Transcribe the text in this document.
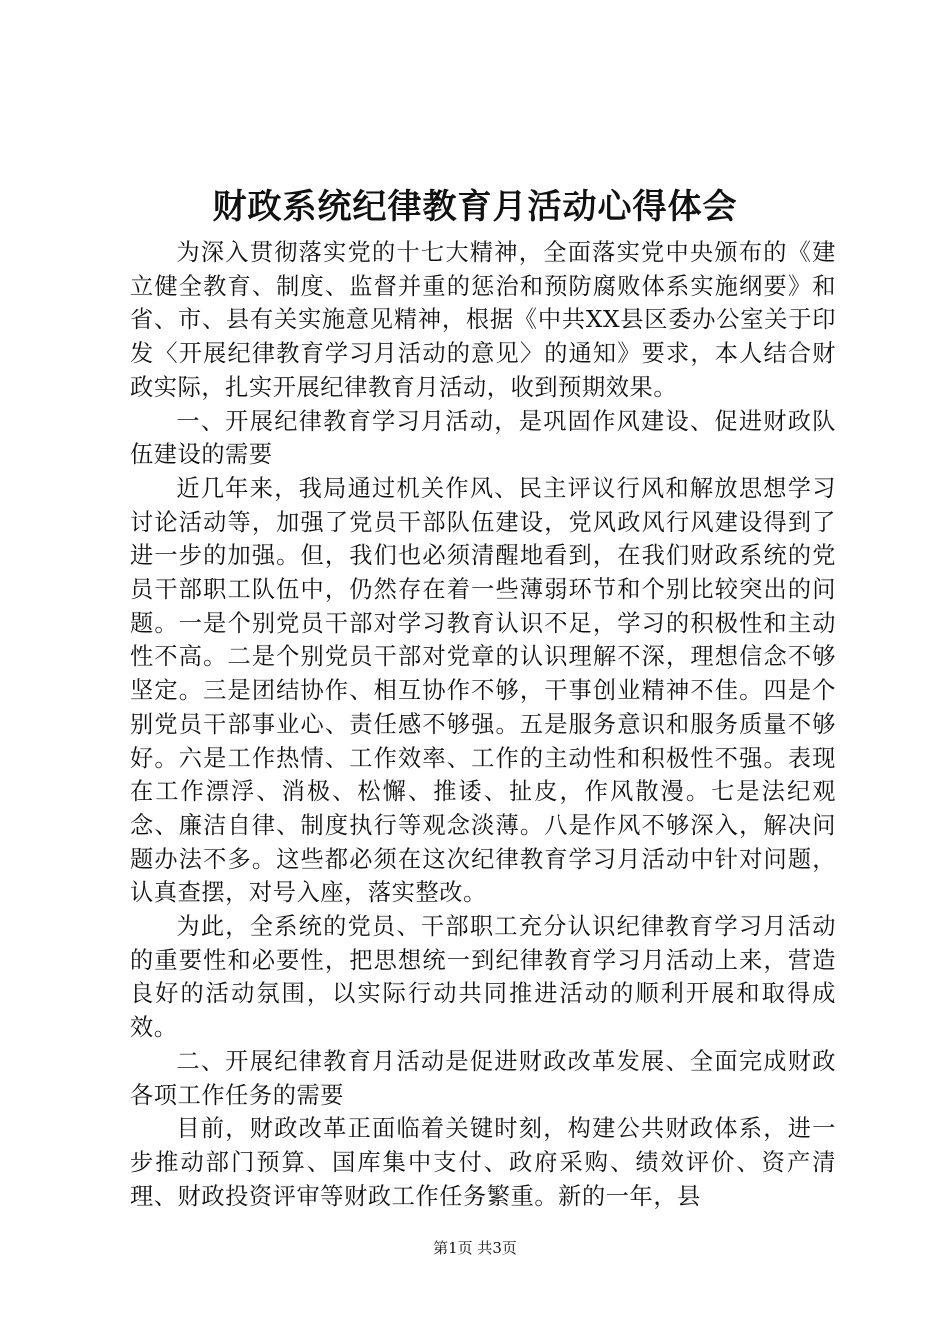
财政系统纪律教育月活动心得体会

为深入贯彻落实党的十七大精神，全面落实党中央颁布的《建立健全教育、制度、监督并重的惩治和预防腐败体系实施纲要》和省、市、县有关实施意见精神，根据《中共XX县区委办公室关于印发〈开展纪律教育学习月活动的意见〉的通知》要求，本人结合财政实际，扎实开展纪律教育月活动，收到预期效果。

一、开展纪律教育学习月活动，是巩固作风建设、促进财政队伍建设的需要

近几年来，我局通过机关作风、民主评议行风和解放思想学习讨论活动等，加强了党员干部队伍建设，党风政风行风建设得到了进一步的加强。但，我们也必须清醒地看到，在我们财政系统的党员干部职工队伍中，仍然存在着一些薄弱环节和个别比较突出的问题。一是个别党员干部对学习教育认识不足，学习的积极性和主动性不高。二是个别党员干部对党章的认识理解不深，理想信念不够坚定。三是团结协作、相互协作不够，干事创业精神不佳。四是个别党员干部事业心、责任感不够强。五是服务意识和服务质量不够好。六是工作热情、工作效率、工作的主动性和积极性不强。表现在工作漂浮、消极、松懈、推诿、扯皮，作风散漫。七是法纪观念、廉洁自律、制度执行等观念淡薄。八是作风不够深入，解决问题办法不多。这些都必须在这次纪律教育学习月活动中针对问题，认真查摆，对号入座，落实整改。

为此，全系统的党员、干部职工充分认识纪律教育学习月活动的重要性和必要性，把思想统一到纪律教育学习月活动上来，营造良好的活动氛围，以实际行动共同推进活动的顺利开展和取得成效。

二、开展纪律教育月活动是促进财政改革发展、全面完成财政各项工作任务的需要

目前，财政改革正面临着关键时刻，构建公共财政体系，进一步推动部门预算、国库集中支付、政府采购、绩效评价、资产清理、财政投资评审等财政工作任务繁重。新的一年，县

第1页 共3页
